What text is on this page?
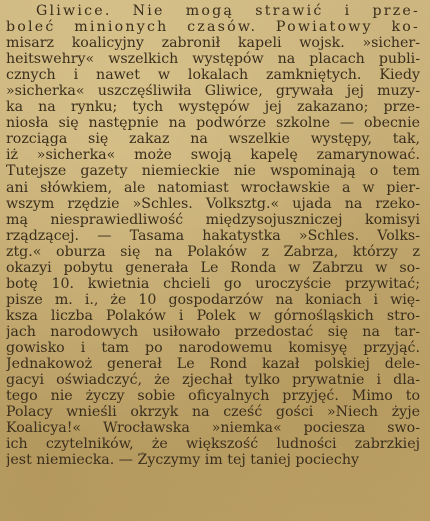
Gliwice. Nie mogą strawić i prze-
boleć minionych czasów. Powiatowy ko-
misarz koalicyjny zabronił kapeli wojsk. »sicher-
heitswehry« wszelkich występów na placach publi-
cznych i nawet w lokalach zamkniętych. Kiedy
»sicherka« uszczęśliwiła Gliwice, grywała jej muzy-
ka na rynku; tych występów jej zakazano; prze-
niosła się następnie na podwórze szkolne — obecnie
rozciąga się zakaz na wszelkie występy, tak,
iż »sicherka« może swoją kapelę zamarynować.
Tutejsze gazety niemieckie nie wspominają o tem
ani słówkiem, ale natomiast wrocławskie a w pier-
wszym rzędzie »Schles. Volksztg.« ujada na rzeko-
mą niesprawiedliwość międzysojuszniczej komisyi
rządzącej. — Tasama hakatystka »Schles. Volks-
ztg.« oburza się na Polaków z Zabrza, którzy z
okazyi pobytu generała Le Ronda w Zabrzu w so-
botę 10. kwietnia chcieli go uroczyście przywitać;
pisze m. i., że 10 gospodarzów na koniach i wię-
ksza liczba Polaków i Polek w górnośląskich stro-
jach narodowych usiłowało przedostać się na tar-
gowisko i tam po narodowemu komisyę przyjąć.
Jednakowoż generał Le Rond kazał polskiej dele-
gacyi oświadczyć, że zjechał tylko prywatnie i dla-
tego nie życzy sobie oficyalnych przyjęć. Mimo to
Polacy wnieśli okrzyk na cześć gości »Niech żyje
Koalicya!« Wrocławska »niemka« pociesza swo-
ich czytelników, że większość ludności zabrzkiej
jest niemiecka. — Życzymy im tej taniej pociechy
